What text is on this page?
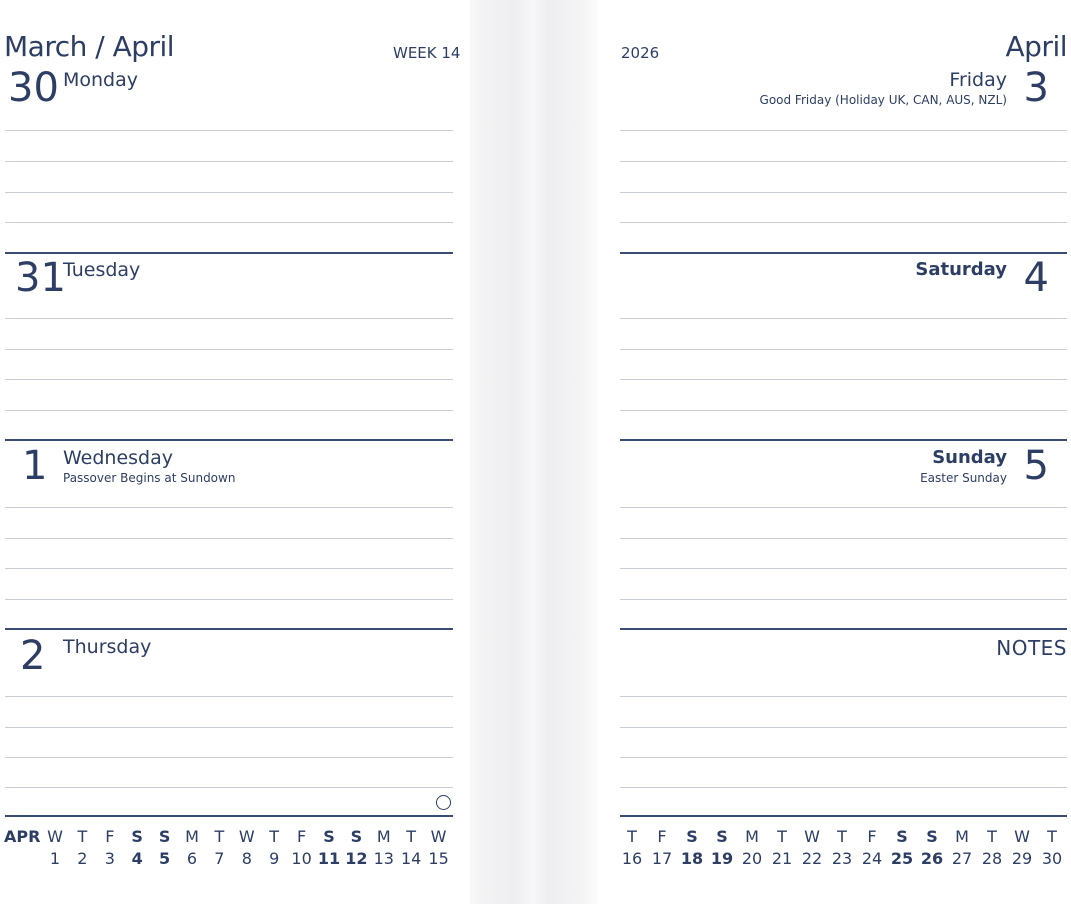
March / April	WEEK 14
30 Monday
31
Tuesday
1 Wednesday
Passover Begins at Sundown
2 Thursday
APR W
1
T
2
F
3
S
4
S
5
M
6
T
7
W
8
T
9
F
10
S
11
S
12
M
13
T
14
W
15
2026	April
3
Friday
Good Friday (Holiday UK, CAN, AUS, NZL)
4
Saturday
5
Sunday
Easter Sunday
NOTES
T
16
F
17
S
18
S
19
M
20
T
21
W
22
T
23
F
24
S
25
S
26
M
27
T
28
W
29
T
30
